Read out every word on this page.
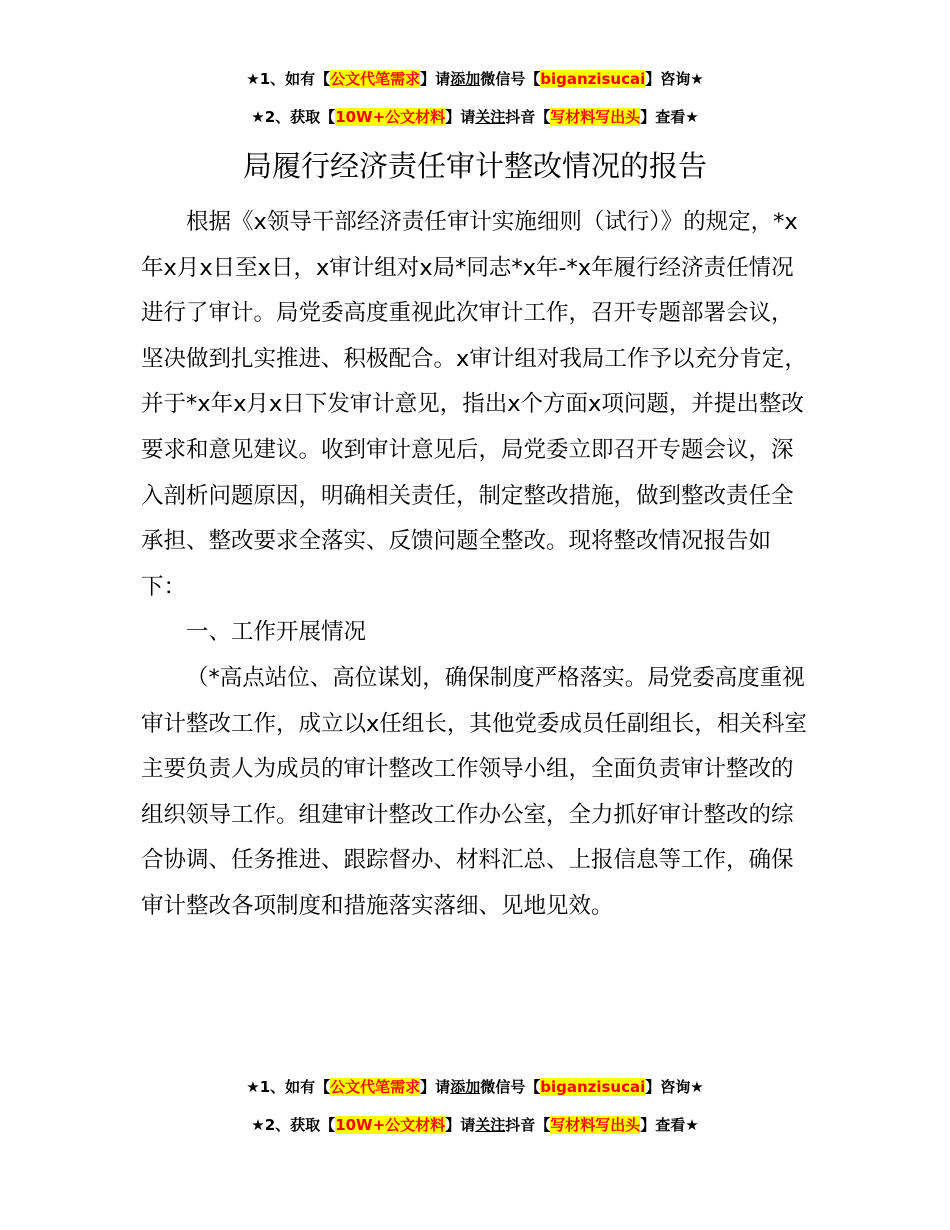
★1、如有【公文代笔需求】请添加微信号【biganzisucai】咨询★
★2、获取【10W+公文材料】请关注抖音【写材料写出头】查看★
局履行经济责任审计整改情况的报告

根据《x领导干部经济责任审计实施细则（试行）》的规定，*x年x月x日至x日，x审计组对x局*同志*x年-*x年履行经济责任情况进行了审计。局党委高度重视此次审计工作，召开专题部署会议，坚决做到扎实推进、积极配合。x审计组对我局工作予以充分肯定，并于*x年x月x日下发审计意见，指出x个方面x项问题，并提出整改要求和意见建议。收到审计意见后，局党委立即召开专题会议，深入剖析问题原因，明确相关责任，制定整改措施，做到整改责任全承担、整改要求全落实、反馈问题全整改。现将整改情况报告如下：

一、工作开展情况

（*高点站位、高位谋划，确保制度严格落实。局党委高度重视审计整改工作，成立以x任组长，其他党委成员任副组长，相关科室主要负责人为成员的审计整改工作领导小组，全面负责审计整改的组织领导工作。组建审计整改工作办公室，全力抓好审计整改的综合协调、任务推进、跟踪督办、材料汇总、上报信息等工作，确保审计整改各项制度和措施落实落细、见地见效。

★1、如有【公文代笔需求】请添加微信号【biganzisucai】咨询★
★2、获取【10W+公文材料】请关注抖音【写材料写出头】查看★
